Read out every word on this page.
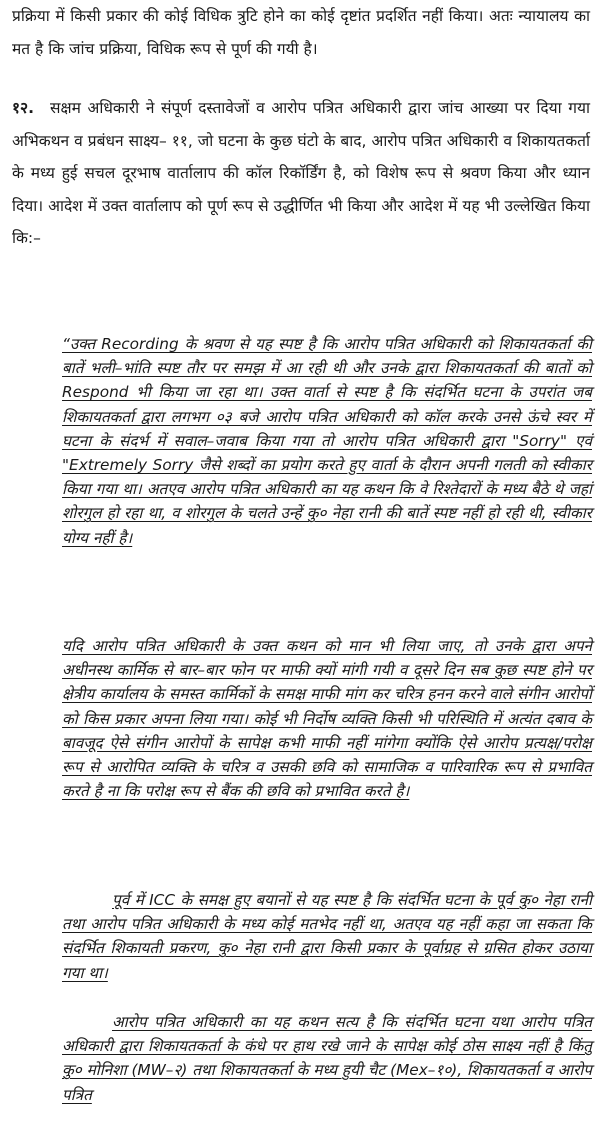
प्रक्रिया में किसी प्रकार की कोई विधिक त्रुटि होने का कोई दृष्टांत प्रदर्शित नहीं किया। अतः न्यायालय का मत है कि जांच प्रक्रिया, विधिक रूप से पूर्ण की गयी है।

१२. सक्षम अधिकारी ने संपूर्ण दस्तावेजों व आरोप पत्रित अधिकारी द्वारा जांच आख्या पर दिया गया अभिकथन व प्रबंधन साक्ष्य– ११, जो घटना के कुछ घंटो के बाद, आरोप पत्रित अधिकारी व शिकायतकर्ता के मध्य हुई सचल दूरभाष वार्तालाप की कॉल रिकॉर्डिंग है, को विशेष रूप से श्रवण किया और ध्यान दिया। आदेश में उक्त वार्तालाप को पूर्ण रूप से उद्धीर्णित भी किया और आदेश में यह भी उल्लेखित किया कि:–

“उक्त Recording के श्रवण से यह स्पष्ट है कि आरोप पत्रित अधिकारी को शिकायतकर्ता की बातें भली–भांति स्पष्ट तौर पर समझ में आ रही थी और उनके द्वारा शिकायतकर्ता की बातों को Respond भी किया जा रहा था। उक्त वार्ता से स्पष्ट है कि संदर्भित घटना के उपरांत जब शिकायतकर्ता द्वारा लगभग ०३ बजे आरोप पत्रित अधिकारी को कॉल करके उनसे ऊंचे स्वर में घटना के संदर्भ में सवाल–जवाब किया गया तो आरोप पत्रित अधिकारी द्वारा "Sorry" एवं "Extremely Sorry जैसे शब्दों का प्रयोग करते हुए वार्ता के दौरान अपनी गलती को स्वीकार किया गया था। अतएव आरोप पत्रित अधिकारी का यह कथन कि वे रिश्तेदारों के मध्य बैठे थे जहां शोरगुल हो रहा था, व शोरगुल के चलते उन्हें कु० नेहा रानी की बातें स्पष्ट नहीं हो रही थी, स्वीकार योग्य नहीं है।

यदि आरोप पत्रित अधिकारी के उक्त कथन को मान भी लिया जाए, तो उनके द्वारा अपने अधीनस्थ कार्मिक से बार–बार फोन पर माफी क्यों मांगी गयी व दूसरे दिन सब कुछ स्पष्ट होने पर क्षेत्रीय कार्यालय के समस्त कार्मिकों के समक्ष माफी मांग कर चरित्र हनन करने वाले संगीन आरोपों को किस प्रकार अपना लिया गया। कोई भी निर्दोष व्यक्ति किसी भी परिस्थिति में अत्यंत दबाव के बावजूद ऐसे संगीन आरोपों के सापेक्ष कभी माफी नहीं मांगेगा क्योंकि ऐसे आरोप प्रत्यक्ष/परोक्ष रूप से आरोपित व्यक्ति के चरित्र व उसकी छवि को सामाजिक व पारिवारिक रूप से प्रभावित करते है ना कि परोक्ष रूप से बैंक की छवि को प्रभावित करते है।

पूर्व में ICC के समक्ष हुए बयानों से यह स्पष्ट है कि संदर्भित घटना के पूर्व कु० नेहा रानी तथा आरोप पत्रित अधिकारी के मध्य कोई मतभेद नहीं था, अतएव यह नहीं कहा जा सकता कि संदर्भित शिकायती प्रकरण, कु० नेहा रानी द्वारा किसी प्रकार के पूर्वाग्रह से ग्रसित होकर उठाया गया था।

आरोप पत्रित अधिकारी का यह कथन सत्य है कि संदर्भित घटना यथा आरोप पत्रित अधिकारी द्वारा शिकायतकर्ता के कंधे पर हाथ रखे जाने के सापेक्ष कोई ठोस साक्ष्य नहीं है किंतु कु० मोनिशा (MW–२) तथा शिकायतकर्ता के मध्य हुयी चैट (Mex–१०), शिकायतकर्ता व आरोप पत्रित
